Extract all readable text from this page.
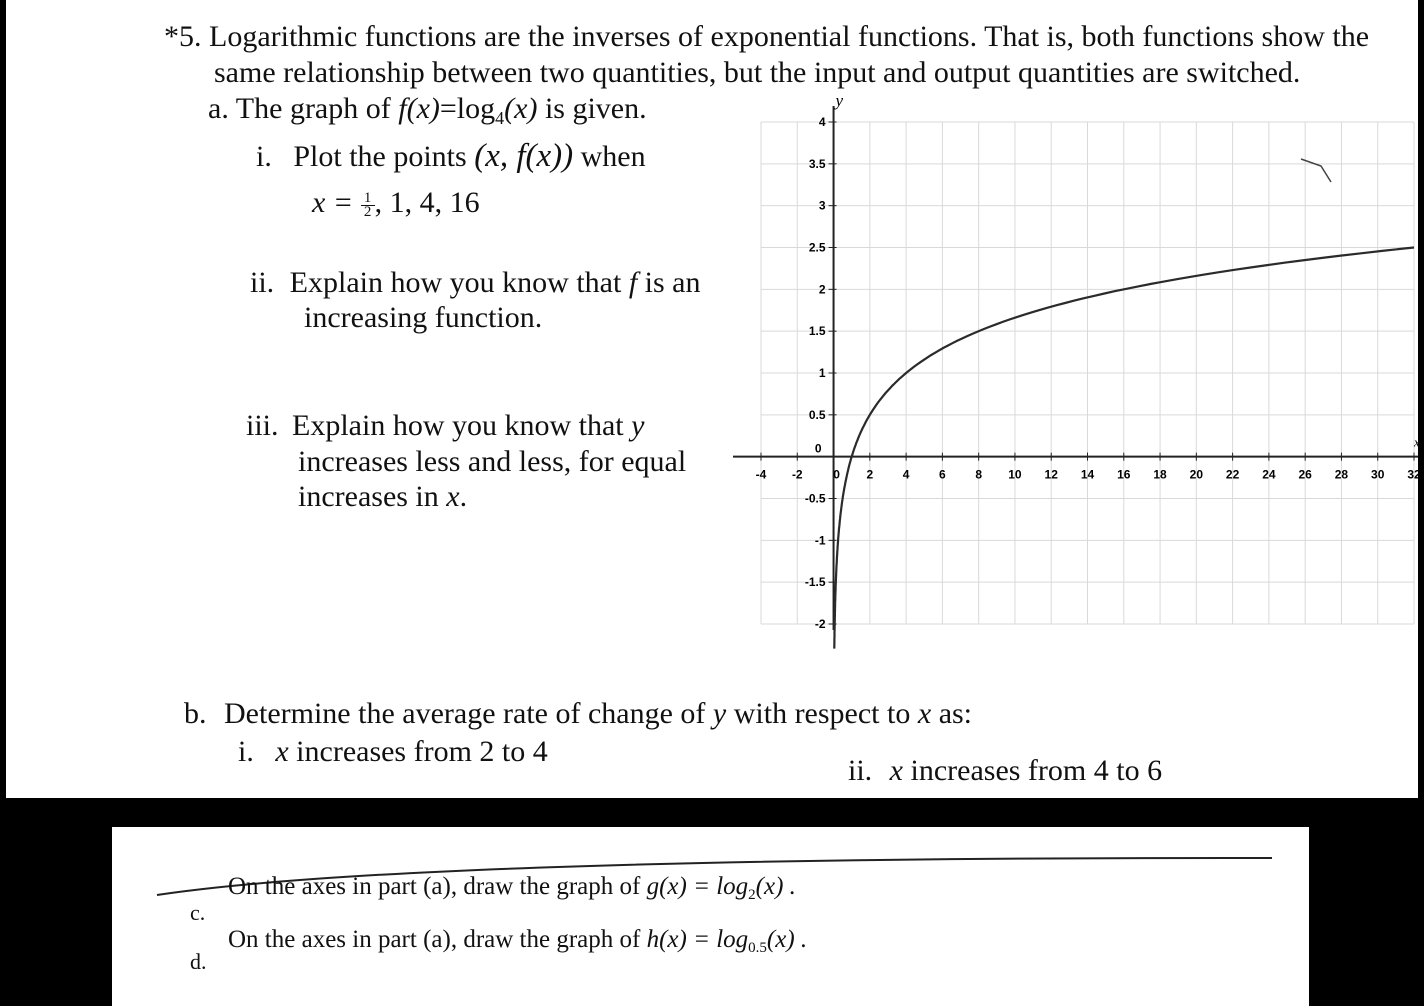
*5. Logarithmic functions are the inverses of exponential functions. That is, both functions show the
same relationship between two quantities, but the input and output quantities are switched.
a. The graph of $f(x)=\log_4(x)$ is given.
i. Plot the points (x, f(x)) when
$x = \frac{1}{2}$ , 1, 4, 16
ii. Explain how you know that f is an
increasing function.
iii. Explain how you know that y
increases less and less, for equal
increases in x.
y
x
-4 -2	0 2 4 6 8 10 12 14 16 18 20 22 24 26 28 30 32
-2
-1.5
-1
-0.5
0
0.5
1
1.5
2
2.5
3
3.5
4
b. Determine the average rate of change of y with respect to x as:
i. x increases from 2 to 4
ii. x increases from 4 to 6
c.
On the axes in part (a), draw the graph of $g(x) = \log_2(x)$ .
d.
On the axes in part (a), draw the graph of $h(x) = \log_{0.5}(x)$ .
